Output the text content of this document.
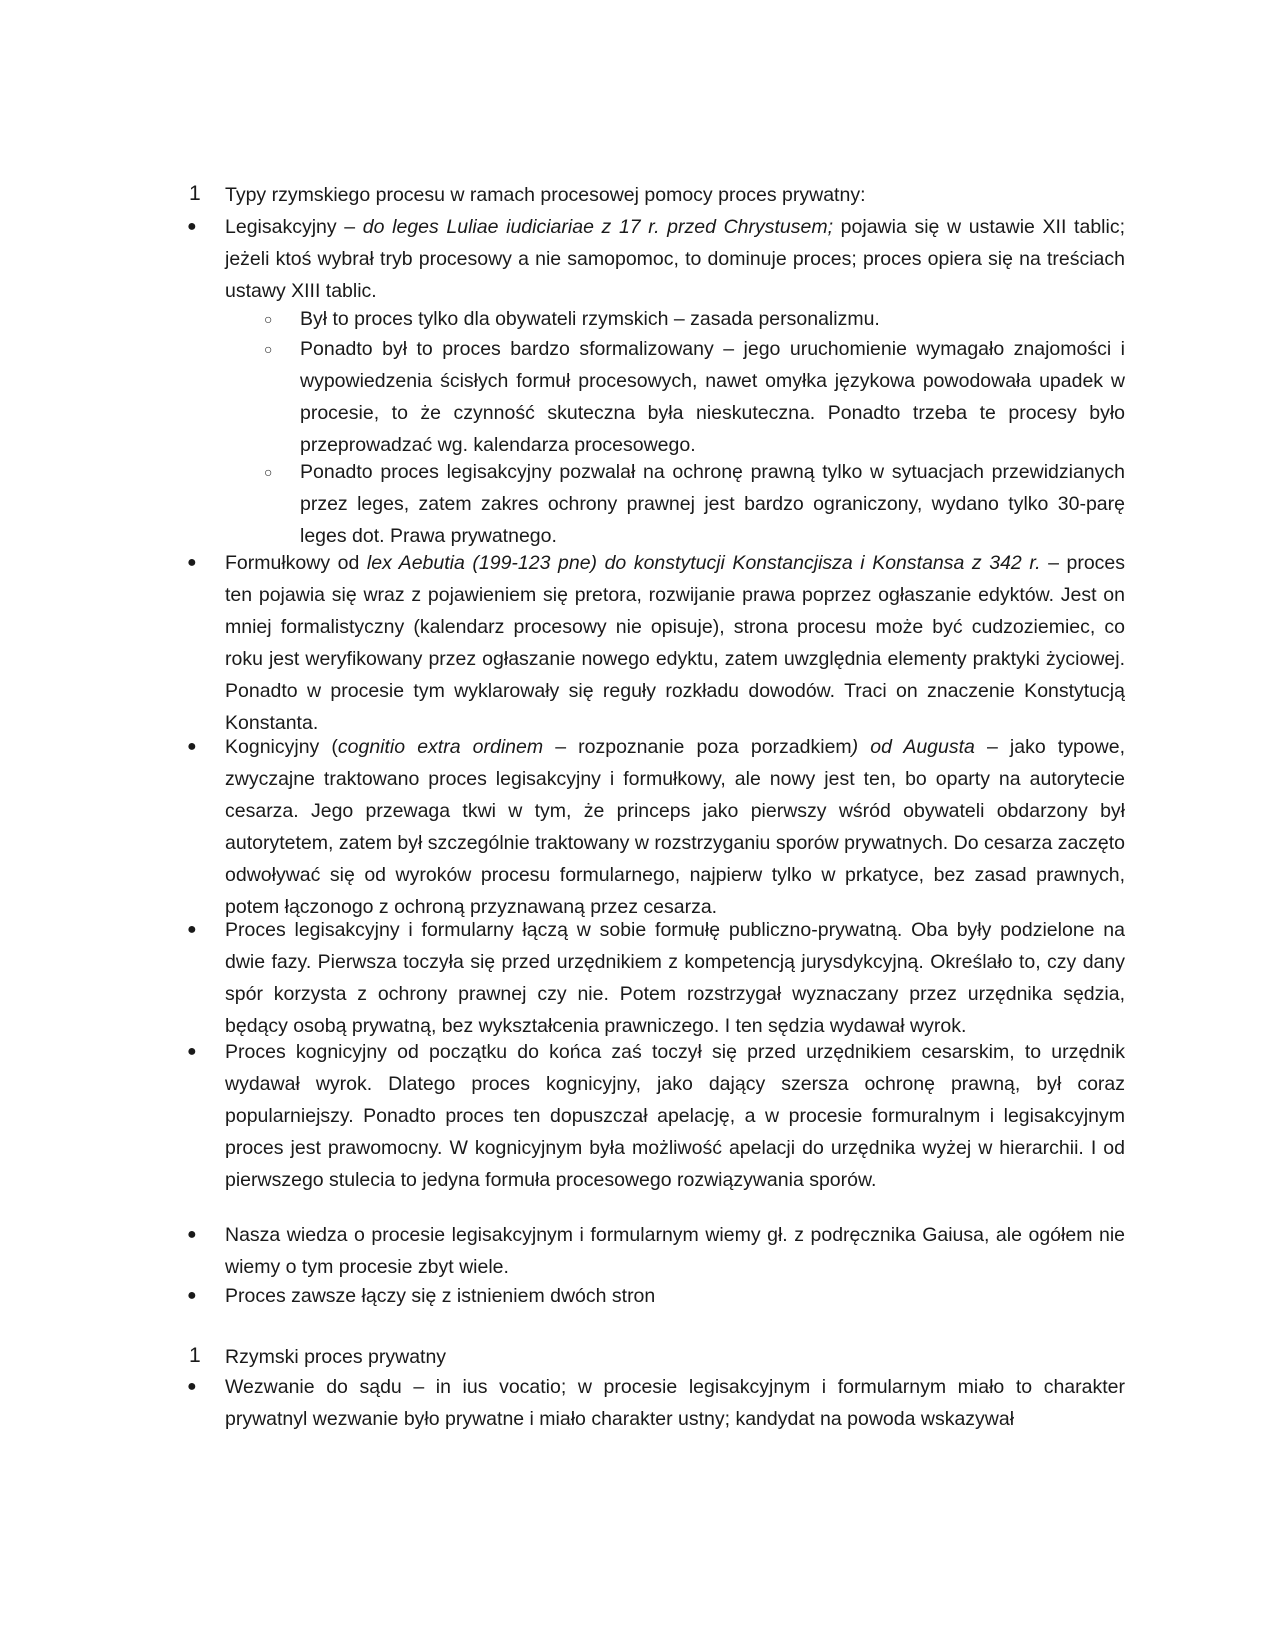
1	Typy rzymskiego procesu w ramach procesowej pomocy proces prywatny:
●	Legisakcyjny – do leges Luliae iudiciariae z 17 r. przed Chrystusem; pojawia się w ustawie XII tablic; jeżeli ktoś wybrał tryb procesowy a nie samopomoc, to dominuje proces; proces opiera się na treściach ustawy XIII tablic.
○	Był to proces tylko dla obywateli rzymskich – zasada personalizmu.
○	Ponadto był to proces bardzo sformalizowany – jego uruchomienie wymagało znajomości i wypowiedzenia ścisłych formuł procesowych, nawet omyłka językowa powodowała upadek w procesie, to że czynność skuteczna była nieskuteczna. Ponadto trzeba te procesy było przeprowadzać wg. kalendarza procesowego.
○	Ponadto proces legisakcyjny pozwalał na ochronę prawną tylko w sytuacjach przewidzianych przez leges, zatem zakres ochrony prawnej jest bardzo ograniczony, wydano tylko 30-parę leges dot. Prawa prywatnego.
●	Formułkowy od lex Aebutia (199-123 pne) do konstytucji Konstancjisza i Konstansa z 342 r. – proces ten pojawia się wraz z pojawieniem się pretora, rozwijanie prawa poprzez ogłaszanie edyktów. Jest on mniej formalistyczny (kalendarz procesowy nie opisuje), strona procesu może być cudzoziemiec, co roku jest weryfikowany przez ogłaszanie nowego edyktu, zatem uwzględnia elementy praktyki życiowej. Ponadto w procesie tym wyklarowały się reguły rozkładu dowodów. Traci on znaczenie Konstytucją Konstanta.
●	Kognicyjny (cognitio extra ordinem – rozpoznanie poza porzadkiem) od Augusta – jako typowe, zwyczajne traktowano proces legisakcyjny i formułkowy, ale nowy jest ten, bo oparty na autorytecie cesarza. Jego przewaga tkwi w tym, że princeps jako pierwszy wśród obywateli obdarzony był autorytetem, zatem był szczególnie traktowany w rozstrzyganiu sporów prywatnych. Do cesarza zaczęto odwoływać się od wyroków procesu formularnego, najpierw tylko w prkatyce, bez zasad prawnych, potem łączonogo z ochroną przyznawaną przez cesarza.
●	Proces legisakcyjny i formularny łączą w sobie formułę publiczno-prywatną. Oba były podzielone na dwie fazy. Pierwsza toczyła się przed urzędnikiem z kompetencją jurysdykcyjną. Określało to, czy dany spór korzysta z ochrony prawnej czy nie. Potem rozstrzygał wyznaczany przez urzędnika sędzia, będący osobą prywatną, bez wykształcenia prawniczego. I ten sędzia wydawał wyrok.
●	Proces kognicyjny od początku do końca zaś toczył się przed urzędnikiem cesarskim, to urzędnik wydawał wyrok. Dlatego proces kognicyjny, jako dający szersza ochronę prawną, był coraz popularniejszy. Ponadto proces ten dopuszczał apelację, a w procesie formuralnym i legisakcyjnym proces jest prawomocny. W kognicyjnym była możliwość apelacji do urzędnika wyżej w hierarchii. I od pierwszego stulecia to jedyna formuła procesowego rozwiązywania sporów.
●	Nasza wiedza o procesie legisakcyjnym i formularnym wiemy gł. z podręcznika Gaiusa, ale ogółem nie wiemy o tym procesie zbyt wiele.
●	Proces zawsze łączy się z istnieniem dwóch stron
1	Rzymski proces prywatny
●	Wezwanie do sądu – in ius vocatio; w procesie legisakcyjnym i formularnym miało to charakter prywatnyl wezwanie było prywatne i miało charakter ustny; kandydat na powoda wskazywał
